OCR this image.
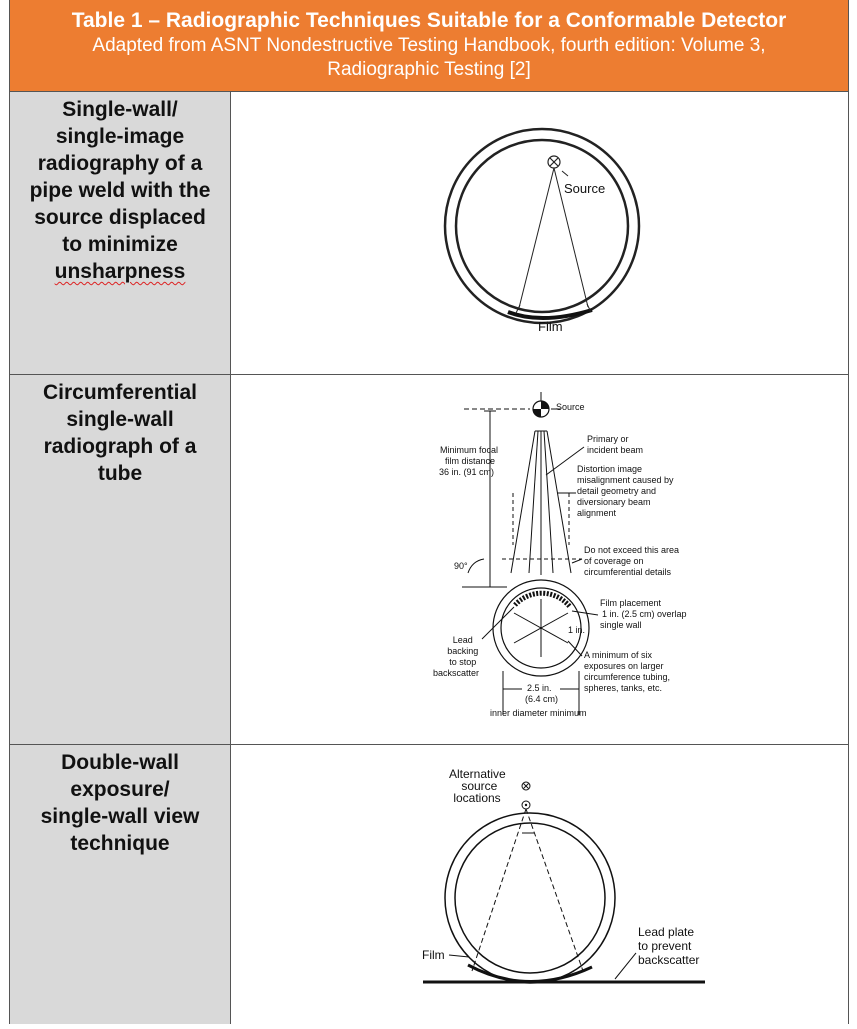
Table 1 – Radiographic Techniques Suitable for a Conformable Detector
Adapted from ASNT Nondestructive Testing Handbook, fourth edition: Volume 3,
Radiographic Testing [2]
Single-wall/
single-image
radiography of a
pipe weld with the
source displaced
to minimize
unsharpness
Source
Film
Circumferential
single-wall
radiograph of a
tube
Source
Minimum focal film distance 36 in. (91 cm)
90°
2.5 in. (6.4 cm) inner diameter minimum
Primary or incident beam
Distortion image misalignment caused by detail geometry and diversionary beam alignment
Do not exceed this area of coverage on circumferential details
Film placement 1 in. (2.5 cm) overlap single wall
1 in.
A minimum of six exposures on larger circumference tubing, spheres, tanks, etc.
Lead backing to stop backscatter
Double-wall
exposure/
single-wall view
technique
Alternative source locations
Film
Lead plate to prevent backscatter
